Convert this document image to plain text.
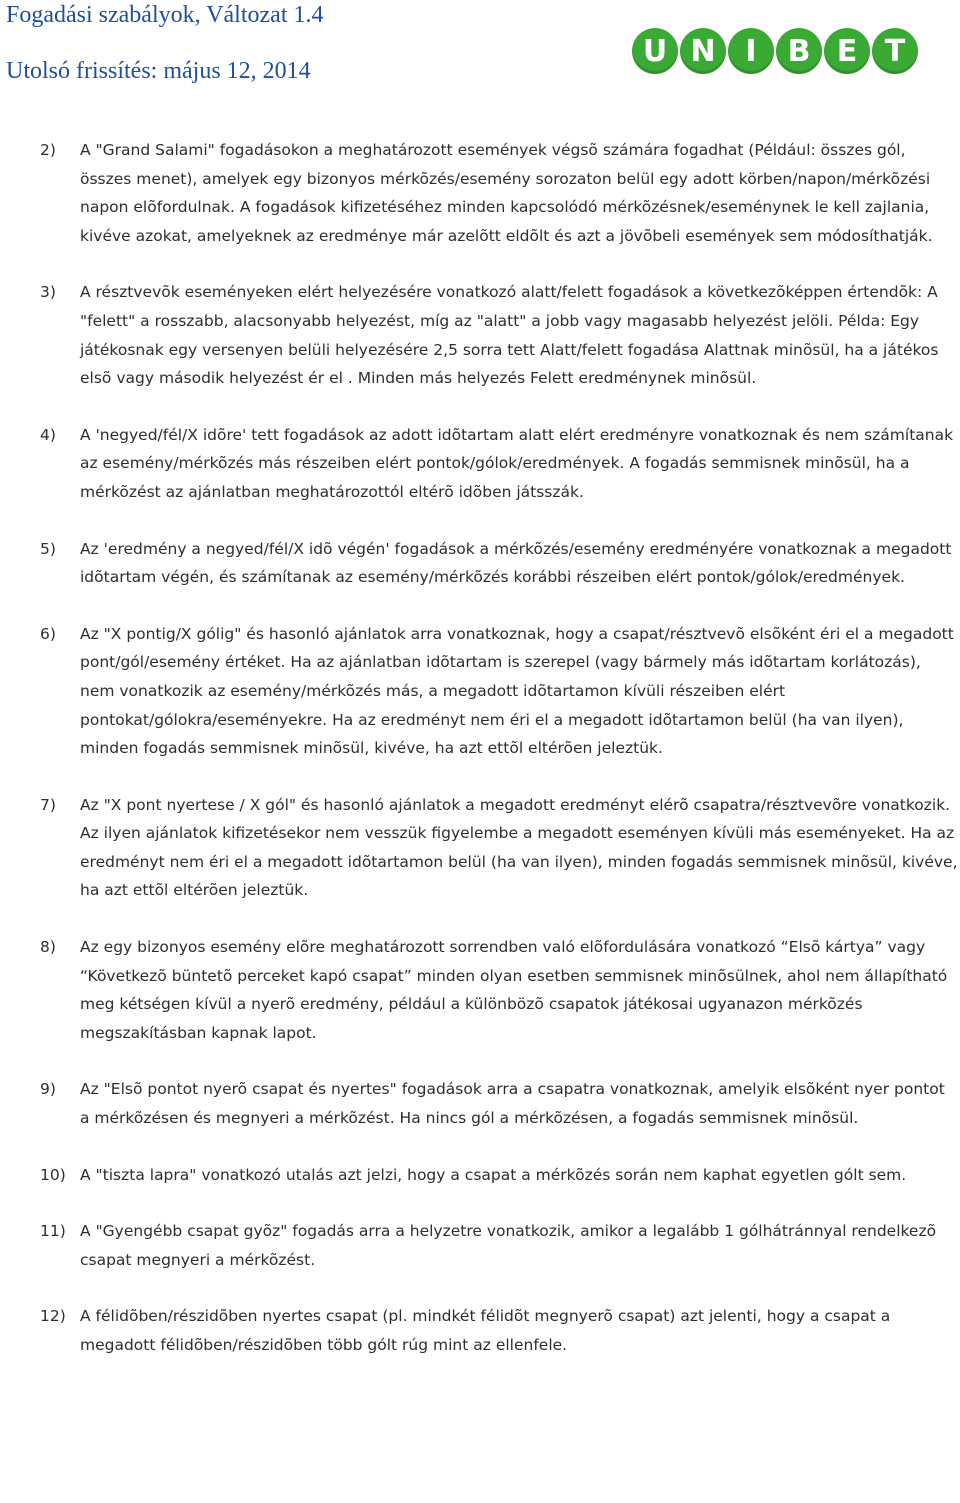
Fogadási szabályok, Változat 1.4
Utolsó frissítés: május 12, 2014
U N I	B E T
2) A "Grand Salami" fogadásokon a meghatározott események végsõ számára fogadhat (Például: összes gól, összes menet), amelyek egy bizonyos mérkõzés/esemény sorozaton belül egy adott körben/napon/mérkõzési napon elõfordulnak. A fogadások kifizetéséhez minden kapcsolódó mérkõzésnek/eseménynek le kell zajlania, kivéve azokat, amelyeknek az eredménye már azelõtt eldõlt és azt a jövõbeli események sem módosíthatják.
3) A résztvevõk eseményeken elért helyezésére vonatkozó alatt/felett fogadások a következõképpen értendõk: A "felett" a rosszabb, alacsonyabb helyezést, míg az "alatt" a jobb vagy magasabb helyezést jelöli. Példa: Egy játékosnak egy versenyen belüli helyezésére 2,5 sorra tett Alatt/felett fogadása Alattnak minõsül, ha a játékos elsõ vagy második helyezést ér el . Minden más helyezés Felett eredménynek minõsül.
4) A 'negyed/fél/X idõre' tett fogadások az adott idõtartam alatt elért eredményre vonatkoznak és nem számítanak az esemény/mérkõzés más részeiben elért pontok/gólok/eredmények. A fogadás semmisnek minõsül, ha a mérkõzést az ajánlatban meghatározottól eltérõ idõben játsszák.
5) Az 'eredmény a negyed/fél/X idõ végén' fogadások a mérkõzés/esemény eredményére vonatkoznak a megadott idõtartam végén, és számítanak az esemény/mérkõzés korábbi részeiben elért pontok/gólok/eredmények.
6) Az "X pontig/X gólig" és hasonló ajánlatok arra vonatkoznak, hogy a csapat/résztvevõ elsõként éri el a megadott pont/gól/esemény értéket. Ha az ajánlatban idõtartam is szerepel (vagy bármely más idõtartam korlátozás), nem vonatkozik az esemény/mérkõzés más, a megadott idõtartamon kívüli részeiben elért pontokat/gólokra/eseményekre. Ha az eredményt nem éri el a megadott idõtartamon belül (ha van ilyen), minden fogadás semmisnek minõsül, kivéve, ha azt ettõl eltérõen jeleztük.
7) Az "X pont nyertese / X gól" és hasonló ajánlatok a megadott eredményt elérõ csapatra/résztvevõre vonatkozik. Az ilyen ajánlatok kifizetésekor nem vesszük figyelembe a megadott eseményen kívüli más eseményeket. Ha az eredményt nem éri el a megadott idõtartamon belül (ha van ilyen), minden fogadás semmisnek minõsül, kivéve, ha azt ettõl eltérõen jeleztük.
8) Az egy bizonyos esemény elõre meghatározott sorrendben való elõfordulására vonatkozó “Elsõ kártya” vagy “Következõ büntetõ perceket kapó csapat” minden olyan esetben semmisnek minõsülnek, ahol nem állapítható meg kétségen kívül a nyerõ eredmény, például a különbözõ csapatok játékosai ugyanazon mérkõzés megszakításban kapnak lapot.
9) Az "Elsõ pontot nyerõ csapat és nyertes" fogadások arra a csapatra vonatkoznak, amelyik elsõként nyer pontot a mérkõzésen és megnyeri a mérkõzést. Ha nincs gól a mérkõzésen, a fogadás semmisnek minõsül.
10) A "tiszta lapra" vonatkozó utalás azt jelzi, hogy a csapat a mérkõzés során nem kaphat egyetlen gólt sem.
11) A "Gyengébb csapat gyõz" fogadás arra a helyzetre vonatkozik, amikor a legalább 1 gólhátránnyal rendelkezõ csapat megnyeri a mérkõzést.
12) A félidõben/részidõben nyertes csapat (pl. mindkét félidõt megnyerõ csapat) azt jelenti, hogy a csapat a megadott félidõben/részidõben több gólt rúg mint az ellenfele.
